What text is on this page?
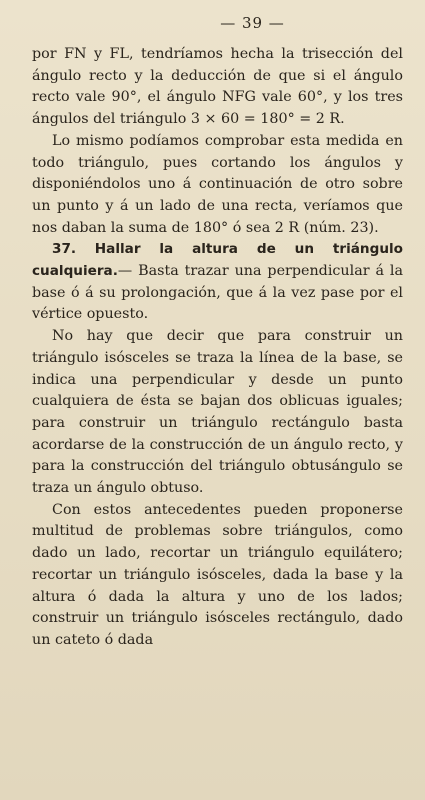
— 39 —

por FN y FL, tendríamos hecha la trisección del ángulo recto y la deducción de que si el ángulo recto vale 90°, el ángulo NFG vale 60°, y los tres ángulos del triángulo 3 × 60 = 180° = 2 R.

Lo mismo podíamos comprobar esta medida en todo triángulo, pues cortando los ángulos y disponiéndolos uno á continuación de otro sobre un punto y á un lado de una recta, veríamos que nos daban la suma de 180° ó sea 2 R (núm. 23).

37. Hallar la altura de un triángulo cualquiera.— Basta trazar una perpendicular á la base ó á su prolongación, que á la vez pase por el vértice opuesto.

No hay que decir que para construir un triángulo isósceles se traza la línea de la base, se indica una perpendicular y desde un punto cualquiera de ésta se bajan dos oblicuas iguales; para construir un triángulo rectángulo basta acordarse de la construcción de un ángulo recto, y para la construcción del triángulo obtusángulo se traza un ángulo obtuso.

Con estos antecedentes pueden proponerse multitud de problemas sobre triángulos, como dado un lado, recortar un triángulo equilátero; recortar un triángulo isósceles, dada la base y la altura ó dada la altura y uno de los lados; construir un triángulo isósceles rectángulo, dado un cateto ó dada
